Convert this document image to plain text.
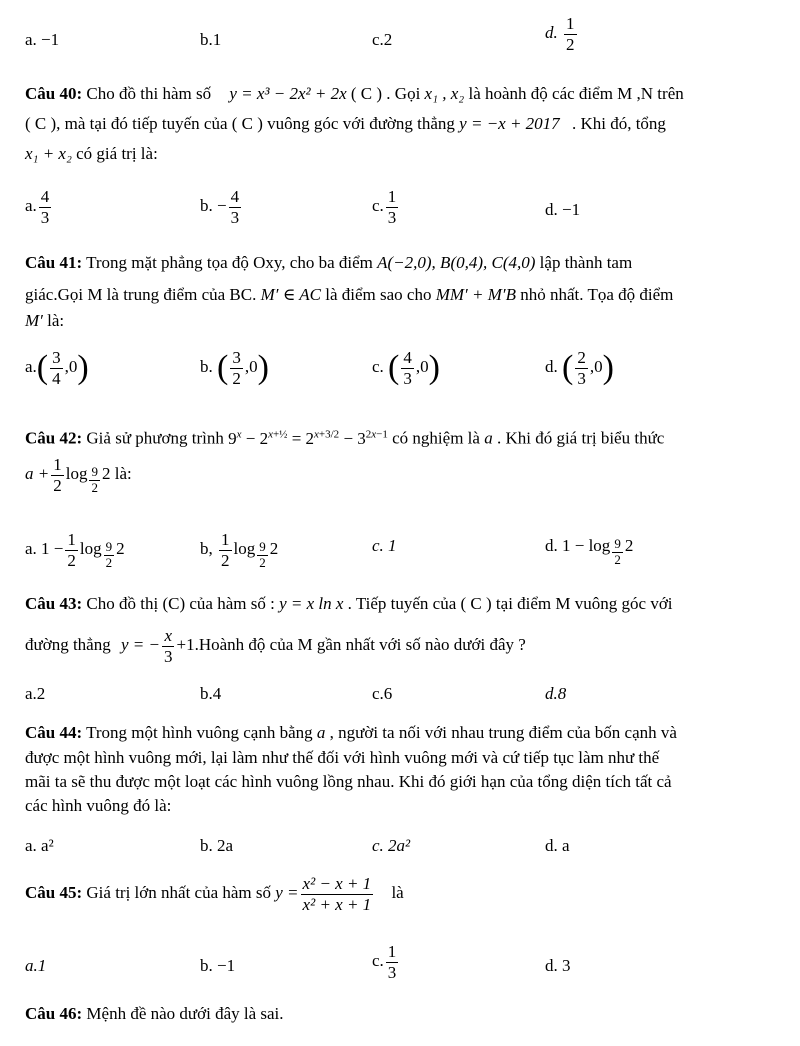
a. −1	b.1	c.2	d. $\frac{1}{2}$
Câu 40: Cho đồ thi hàm số y = x³ − 2x² + 2x ( C ) . Gọi x₁ , x₂ là hoành độ các điểm M ,N trên
( C ), mà tại đó tiếp tuyến của ( C ) vuông góc với đường thẳng y = −x + 2017 . Khi đó, tổng
x₁ + x₂ có giá trị là:
a. $\frac{4}{3}$	b. − $\frac{4}{3}$	c. $\frac{1}{3}$	d. −1
Câu 41: Trong mặt phẳng tọa độ Oxy, cho ba điểm A(−2,0), B(0,4), C(4,0) lập thành tam
giác.Gọi M là trung điểm của BC. M′ ∈ AC là điểm sao cho MM′ + M′B nhỏ nhất. Tọa độ điểm
M′ là:
$a.( \frac{3}{4} ,0)$	b. ( $\frac{3}{2} ,0$)	c. ( $\frac{4}{3} ,0$)	d. ( $\frac{2}{3} ,0$)
Câu 42: Giả sử phương trình $9^x - 2^{x+\frac{1}{2}} = 2^{x+3/2} - 3^{2x-1}$ có nghiệm là a . Khi đó giá trị biểu thức
$a + \frac{1}{2}$ log $_{\frac{9}{2}}$ 2 là:
a. $1 - \frac{1}{2}$ log $_{\frac{9}{2}}$ 2	b, $\frac{1}{2}$ log $_{\frac{9}{2}}$ 2	c. 1	d. 1 − log $_{\frac{9}{2}}$ 2
Câu 43: Cho đồ thị (C) của hàm số : y = x ln x . Tiếp tuyến của ( C ) tại điểm M vuông góc với
đường thẳng y = − $\frac{x}{3}$ +1.Hoành độ của M gần nhất với số nào dưới đây ?
a.2	b.4	c.6	d.8
Câu 44: Trong một hình vuông cạnh bằng a , người ta nối với nhau trung điểm của bốn cạnh và
được một hình vuông mới, lại làm như thế đối với hình vuông mới và cứ tiếp tục làm như thế
mãi ta sẽ thu được một loạt các hình vuông lồng nhau. Khi đó giới hạn của tổng diện tích tất cả
các hình vuông đó là:
a. a²	b. 2a	c. 2a²	d. a
Câu 45: Giá trị lớn nhất của hàm số $y = \frac{\text{x² − x + 1}}{\text{x² + x + 1}}$ là
a.1	b. −1	c. $\frac{1}{3}$	d. 3
Câu 46: Mệnh đề nào dưới đây là sai.
